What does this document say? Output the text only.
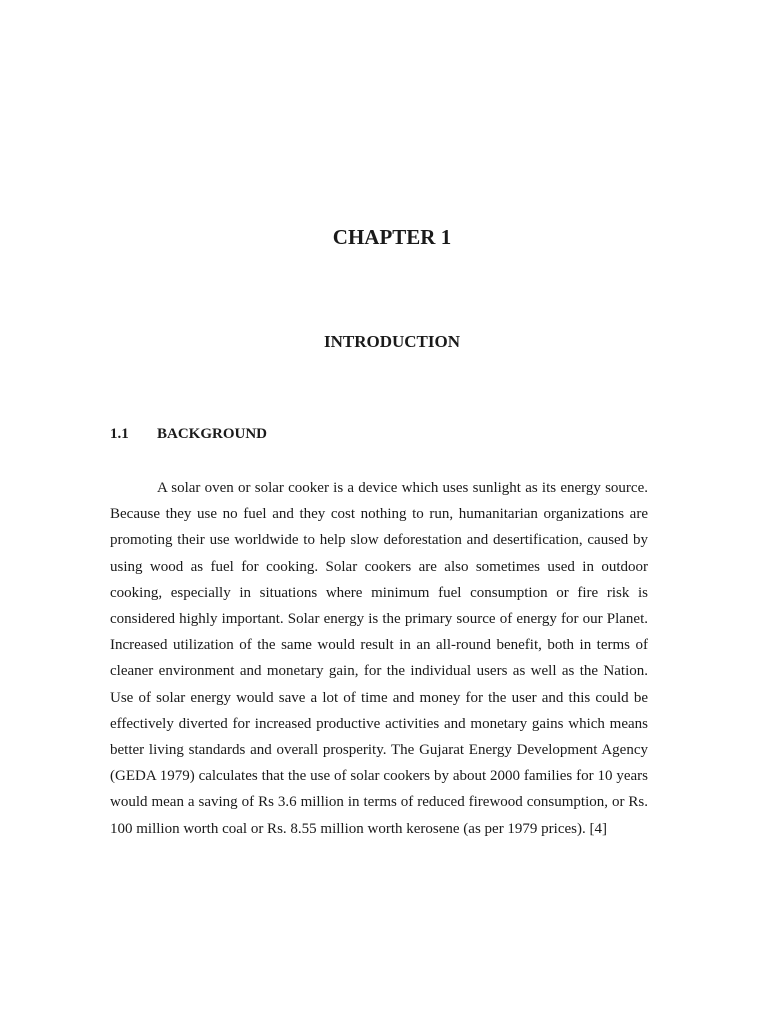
CHAPTER 1
INTRODUCTION
1.1 BACKGROUND

A solar oven or solar cooker is a device which uses sunlight as its energy source. Because they use no fuel and they cost nothing to run, humanitarian organizations are promoting their use worldwide to help slow deforestation and desertification, caused by using wood as fuel for cooking. Solar cookers are also sometimes used in outdoor cooking, especially in situations where minimum fuel consumption or fire risk is considered highly important. Solar energy is the primary source of energy for our Planet. Increased utilization of the same would result in an all-round benefit, both in terms of cleaner environment and monetary gain, for the individual users as well as the Nation. Use of solar energy would save a lot of time and money for the user and this could be effectively diverted for increased productive activities and monetary gains which means better living standards and overall prosperity. The Gujarat Energy Development Agency (GEDA 1979) calculates that the use of solar cookers by about 2000 families for 10 years would mean a saving of Rs 3.6 million in terms of reduced firewood consumption, or Rs. 100 million worth coal or Rs. 8.55 million worth kerosene (as per 1979 prices). [4]
